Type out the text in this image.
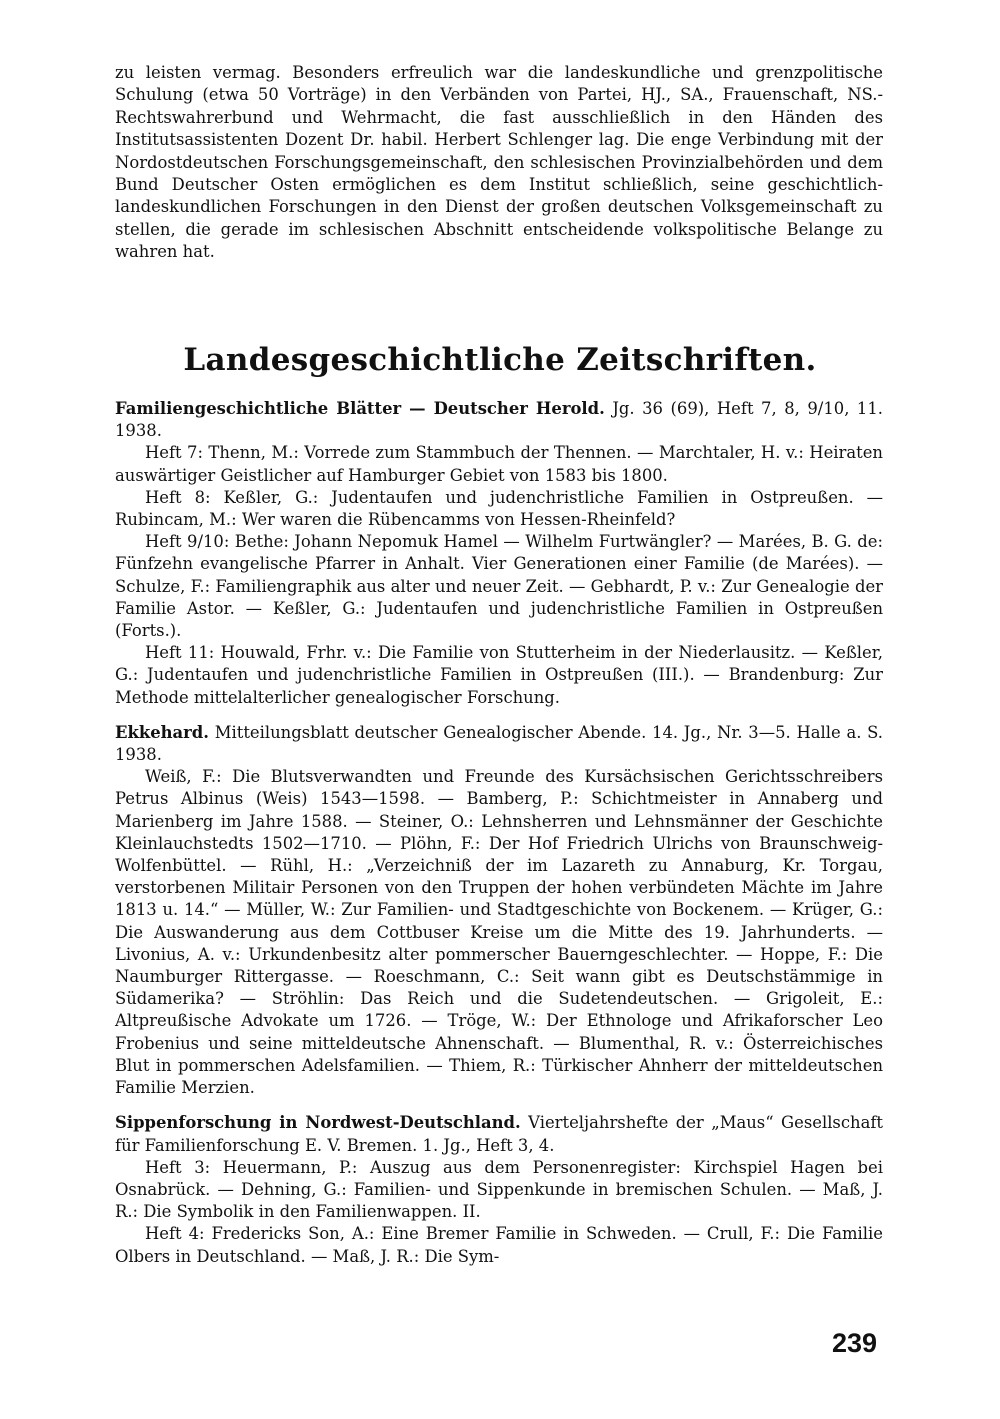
zu leisten vermag. Besonders erfreulich war die landeskundliche und grenzpolitische Schulung (etwa 50 Vorträge) in den Verbänden von Partei, HJ., SA., Frauenschaft, NS.-Rechtswahrerbund und Wehrmacht, die fast ausschließlich in den Händen des Institutsassistenten Dozent Dr. habil. Herbert Schlenger lag. Die enge Verbindung mit der Nordostdeutschen Forschungsgemeinschaft, den schlesischen Provinzialbehörden und dem Bund Deutscher Osten ermöglichen es dem Institut schließlich, seine geschichtlich-landeskundlichen Forschungen in den Dienst der großen deutschen Volksgemeinschaft zu stellen, die gerade im schlesischen Abschnitt entscheidende volkspolitische Belange zu wahren hat.

Landesgeschichtliche Zeitschriften.

Familiengeschichtliche Blätter — Deutscher Herold. Jg. 36 (69), Heft 7, 8, 9/10, 11. 1938.

Heft 7: Thenn, M.: Vorrede zum Stammbuch der Thennen. — Marchtaler, H. v.: Heiraten auswärtiger Geistlicher auf Hamburger Gebiet von 1583 bis 1800.

Heft 8: Keßler, G.: Judentaufen und judenchristliche Familien in Ostpreußen. — Rubincam, M.: Wer waren die Rübencamms von Hessen-Rheinfeld?

Heft 9/10: Bethe: Johann Nepomuk Hamel — Wilhelm Furtwängler? — Marées, B. G. de: Fünfzehn evangelische Pfarrer in Anhalt. Vier Generationen einer Familie (de Marées). — Schulze, F.: Familiengraphik aus alter und neuer Zeit. — Gebhardt, P. v.: Zur Genealogie der Familie Astor. — Keßler, G.: Judentaufen und judenchristliche Familien in Ostpreußen (Forts.).

Heft 11: Houwald, Frhr. v.: Die Familie von Stutterheim in der Niederlausitz. — Keßler, G.: Judentaufen und judenchristliche Familien in Ostpreußen (III.). — Brandenburg: Zur Methode mittelalterlicher genealogischer Forschung.

Ekkehard. Mitteilungsblatt deutscher Genealogischer Abende. 14. Jg., Nr. 3—5. Halle a. S. 1938.

Weiß, F.: Die Blutsverwandten und Freunde des Kursächsischen Gerichtsschreibers Petrus Albinus (Weis) 1543—1598. — Bamberg, P.: Schichtmeister in Annaberg und Marienberg im Jahre 1588. — Steiner, O.: Lehnsherren und Lehnsmänner der Geschichte Kleinlauchstedts 1502—1710. — Plöhn, F.: Der Hof Friedrich Ulrichs von Braunschweig-Wolfenbüttel. — Rühl, H.: „Verzeichniß der im Lazareth zu Annaburg, Kr. Torgau, verstorbenen Militair Personen von den Truppen der hohen verbündeten Mächte im Jahre 1813 u. 14.“ — Müller, W.: Zur Familien- und Stadtgeschichte von Bockenem. — Krüger, G.: Die Auswanderung aus dem Cottbuser Kreise um die Mitte des 19. Jahrhunderts. — Livonius, A. v.: Urkundenbesitz alter pommerscher Bauerngeschlechter. — Hoppe, F.: Die Naumburger Rittergasse. — Roeschmann, C.: Seit wann gibt es Deutschstämmige in Südamerika? — Ströhlin: Das Reich und die Sudetendeutschen. — Grigoleit, E.: Altpreußische Advokate um 1726. — Tröge, W.: Der Ethnologe und Afrikaforscher Leo Frobenius und seine mitteldeutsche Ahnenschaft. — Blumenthal, R. v.: Österreichisches Blut in pommerschen Adelsfamilien. — Thiem, R.: Türkischer Ahnherr der mitteldeutschen Familie Merzien.

Sippenforschung in Nordwest-Deutschland. Vierteljahrshefte der „Maus“ Gesellschaft für Familienforschung E. V. Bremen. 1. Jg., Heft 3, 4.

Heft 3: Heuermann, P.: Auszug aus dem Personenregister: Kirchspiel Hagen bei Osnabrück. — Dehning, G.: Familien- und Sippenkunde in bremischen Schulen. — Maß, J. R.: Die Symbolik in den Familienwappen. II.

Heft 4: Fredericks Son, A.: Eine Bremer Familie in Schweden. — Crull, F.: Die Familie Olbers in Deutschland. — Maß, J. R.: Die Sym-

239
